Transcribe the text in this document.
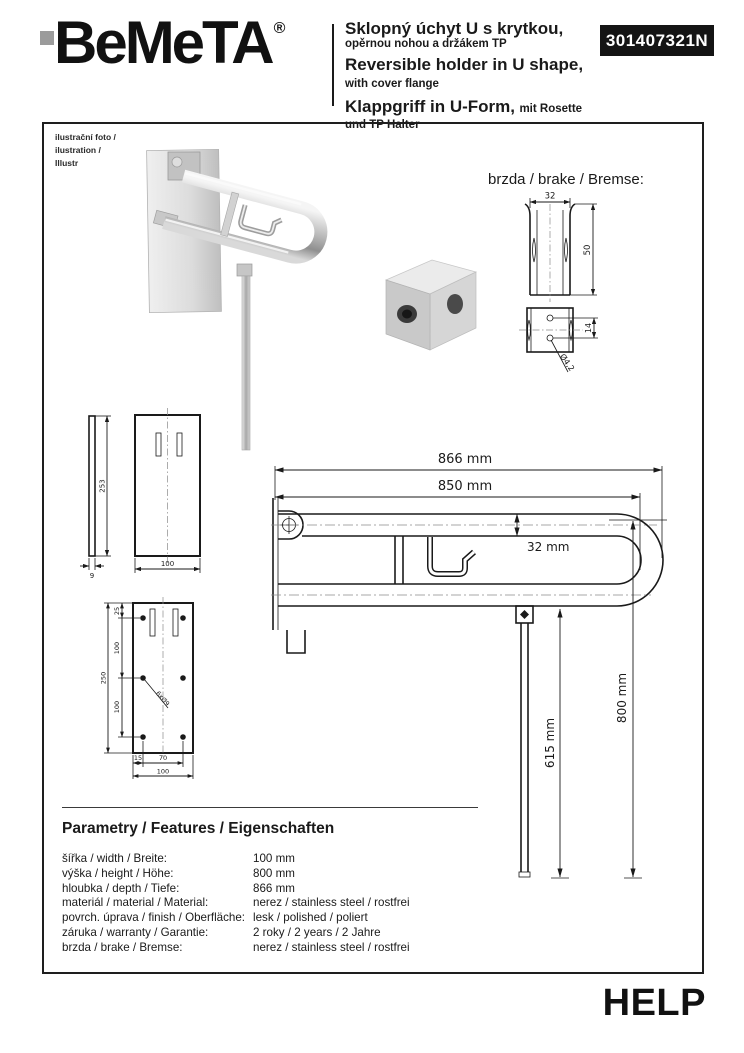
BeMeTA ®	Sklopný úchyt U s krytkou,
opěrnou nohou a držákem TP
Reversible holder in U shape, with cover flange
Klappgriff in U-Form, mit Rosette und TP Halter
301407321N
ilustrační foto /
ilustration /
Illustr
brzda / brake / Bremse:
32
50
14
Ø4,2
253
9
100
25
100
100
250
15	70
100
6xØ9
866 mm
850 mm
32 mm
615 mm
800 mm
Parametry / Features / Eigenschaften
šířka / width / Breite:	100 mm
výška / height / Höhe:	800 mm
hloubka / depth / Tiefe:	866 mm
materiál / material / Material:	nerez / stainless steel / rostfrei
povrch. úprava / finish / Oberfläche: lesk / polished / poliert
záruka / warranty / Garantie:	2 roky / 2 years / 2 Jahre
brzda / brake / Bremse:	nerez / stainless steel / rostfrei
HELP
